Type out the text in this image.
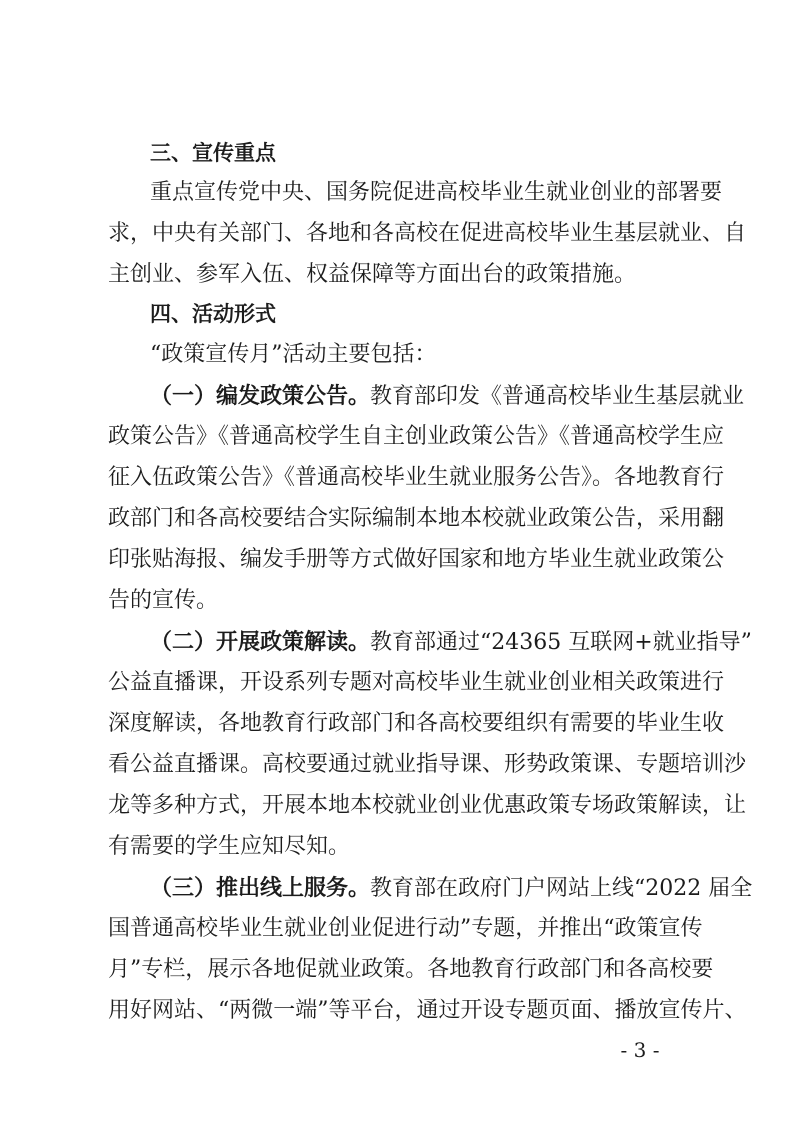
三、宣传重点
重点宣传党中央、国务院促进高校毕业生就业创业的部署要
求，中央有关部门、各地和各高校在促进高校毕业生基层就业、自
主创业、参军入伍、权益保障等方面出台的政策措施。
四、活动形式
“政策宣传月”活动主要包括：
（一）编发政策公告。教育部印发《普通高校毕业生基层就业
政策公告》《普通高校学生自主创业政策公告》《普通高校学生应
征入伍政策公告》《普通高校毕业生就业服务公告》。各地教育行
政部门和各高校要结合实际编制本地本校就业政策公告，采用翻
印张贴海报、编发手册等方式做好国家和地方毕业生就业政策公
告的宣传。
（二）开展政策解读。教育部通过“24365 互联网+就业指导”
公益直播课，开设系列专题对高校毕业生就业创业相关政策进行
深度解读，各地教育行政部门和各高校要组织有需要的毕业生收
看公益直播课。高校要通过就业指导课、形势政策课、专题培训沙
龙等多种方式，开展本地本校就业创业优惠政策专场政策解读，让
有需要的学生应知尽知。
（三）推出线上服务。教育部在政府门户网站上线“2022 届全
国普通高校毕业生就业创业促进行动”专题，并推出“政策宣传
月”专栏，展示各地促就业政策。各地教育行政部门和各高校要
用好网站、“两微一端”等平台，通过开设专题页面、播放宣传片、
- 3 -
